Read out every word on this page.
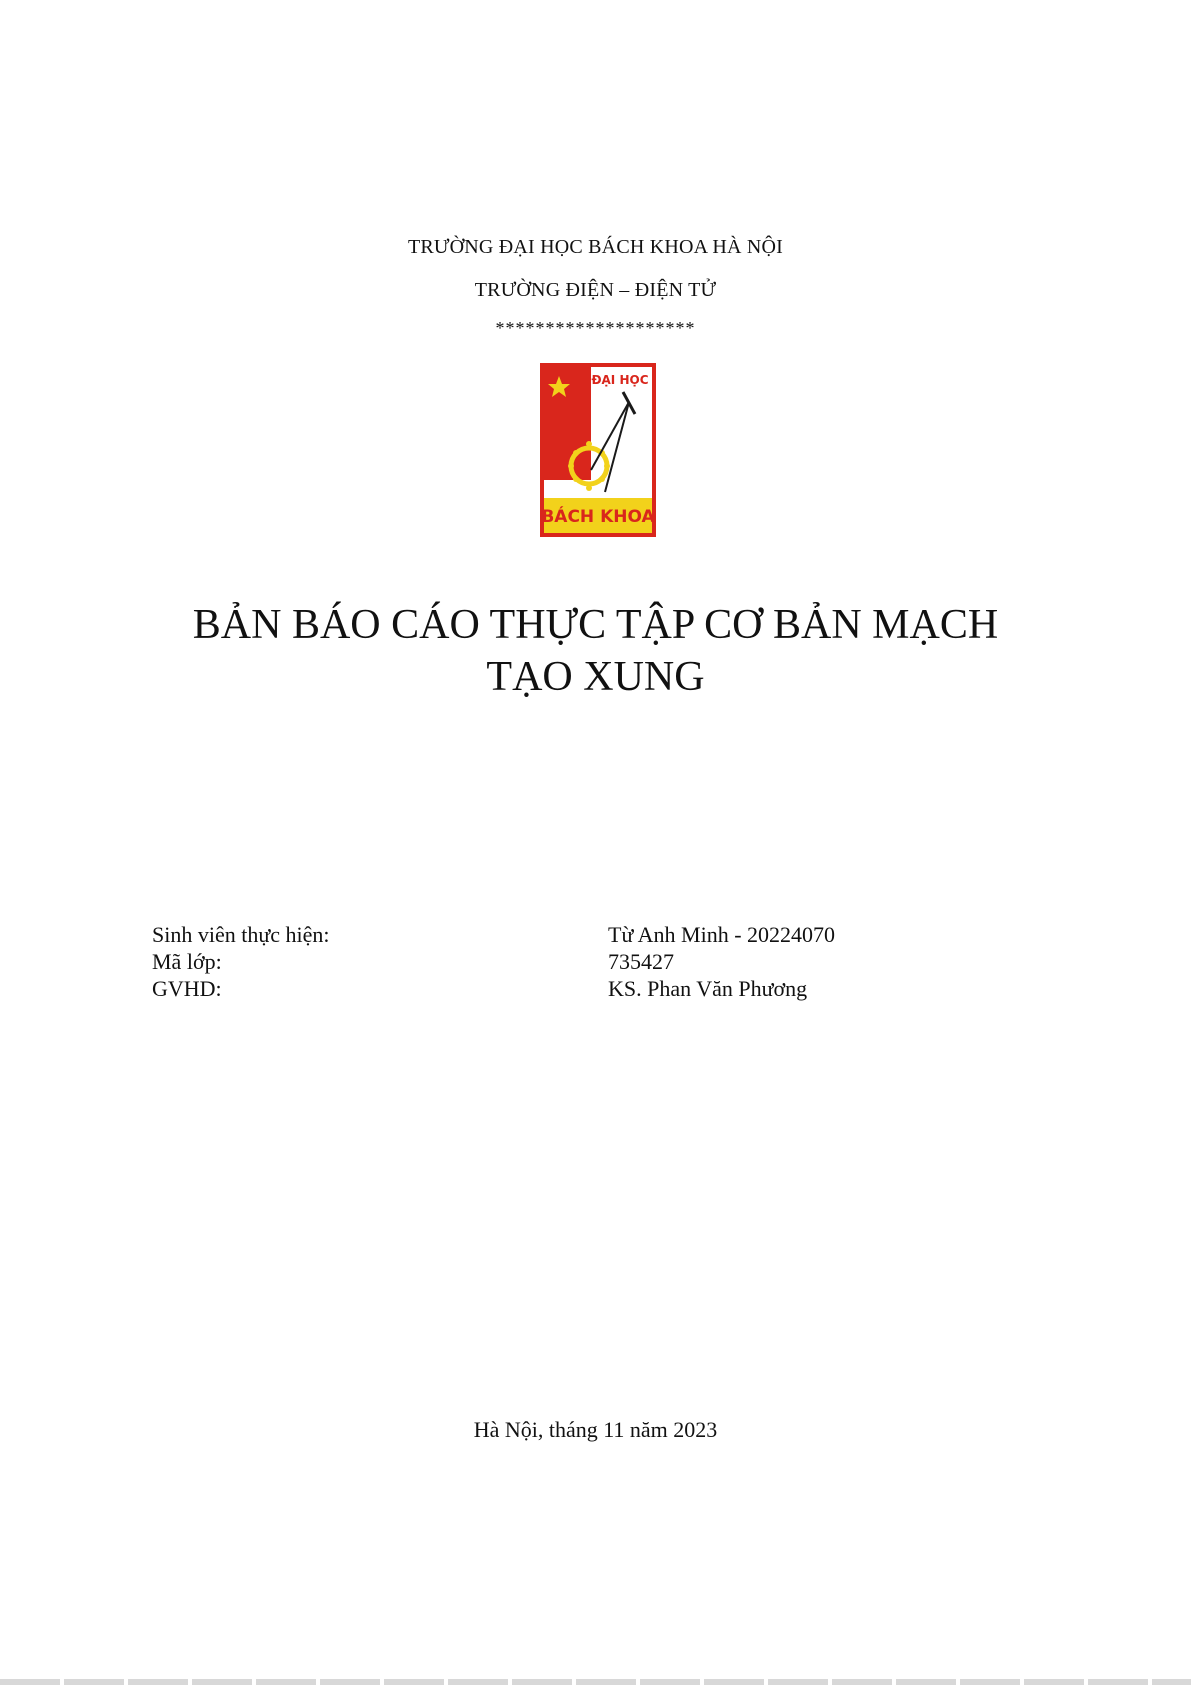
TRƯỜNG ĐẠI HỌC BÁCH KHOA HÀ NỘI
TRƯỜNG ĐIỆN – ĐIỆN TỬ
********************
ĐẠI HỌC
BÁCH KHOA
BẢN BÁO CÁO THỰC TẬP CƠ BẢN MẠCH
TẠO XUNG
Sinh viên thực hiện:	Từ Anh Minh - 20224070
Mã lớp:	735427
GVHD:	KS. Phan Văn Phương
Hà Nội, tháng 11 năm 2023
